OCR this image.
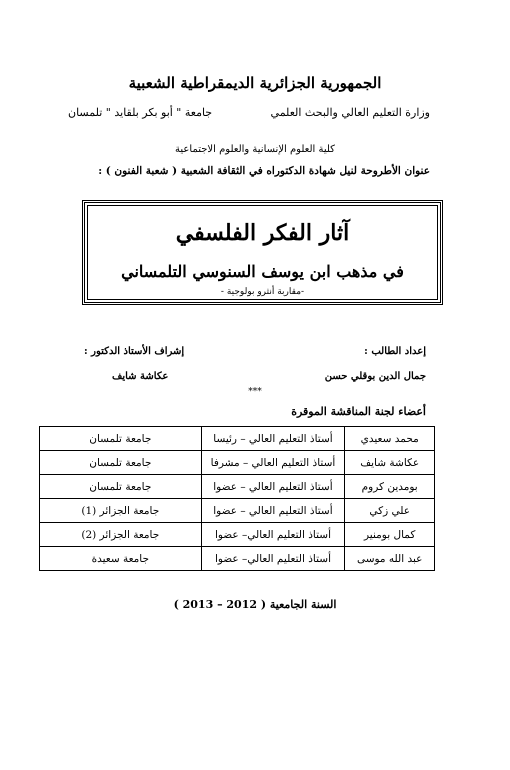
الجمهورية الجزائرية الديمقراطية الشعبية
وزارة التعليم العالي والبحث العلمي
جامعة " أبو بكر بلقايد " تلمسان
كلية العلوم الإنسانية والعلوم الاجتماعية
عنوان الأطروحة لنيل شهادة الدكتوراه في الثقافة الشعبية ( شعبة الفنون ) :
آثار الفكر الفلسفي
في مذهب ابن يوسف السنوسي التلمساني
-مقاربة أنثرو بولوجية -
إعداد الطالب :
إشراف الأستاذ الدكتور :
جمال الدين بوقلي حسن
عكاشة شايف
***
أعضاء لجنة المناقشة الموقرة
محمد سعيدي	أستاذ التعليم العالي – رئيسا	جامعة تلمسان
عكاشة شايف	أستاذ التعليم العالي – مشرفا	جامعة تلمسان
بومدين كروم	أستاذ التعليم العالي – عضوا	جامعة تلمسان
علي زكي	أستاذ التعليم العالي – عضوا	جامعة الجزائر (1)
كمال بومنير	أستاذ التعليم العالي– عضوا	جامعة الجزائر (2)
عبد الله موسى	أستاذ التعليم العالي– عضوا	جامعة سعيدة
السنة الجامعية ( 2012 – 2013 )
